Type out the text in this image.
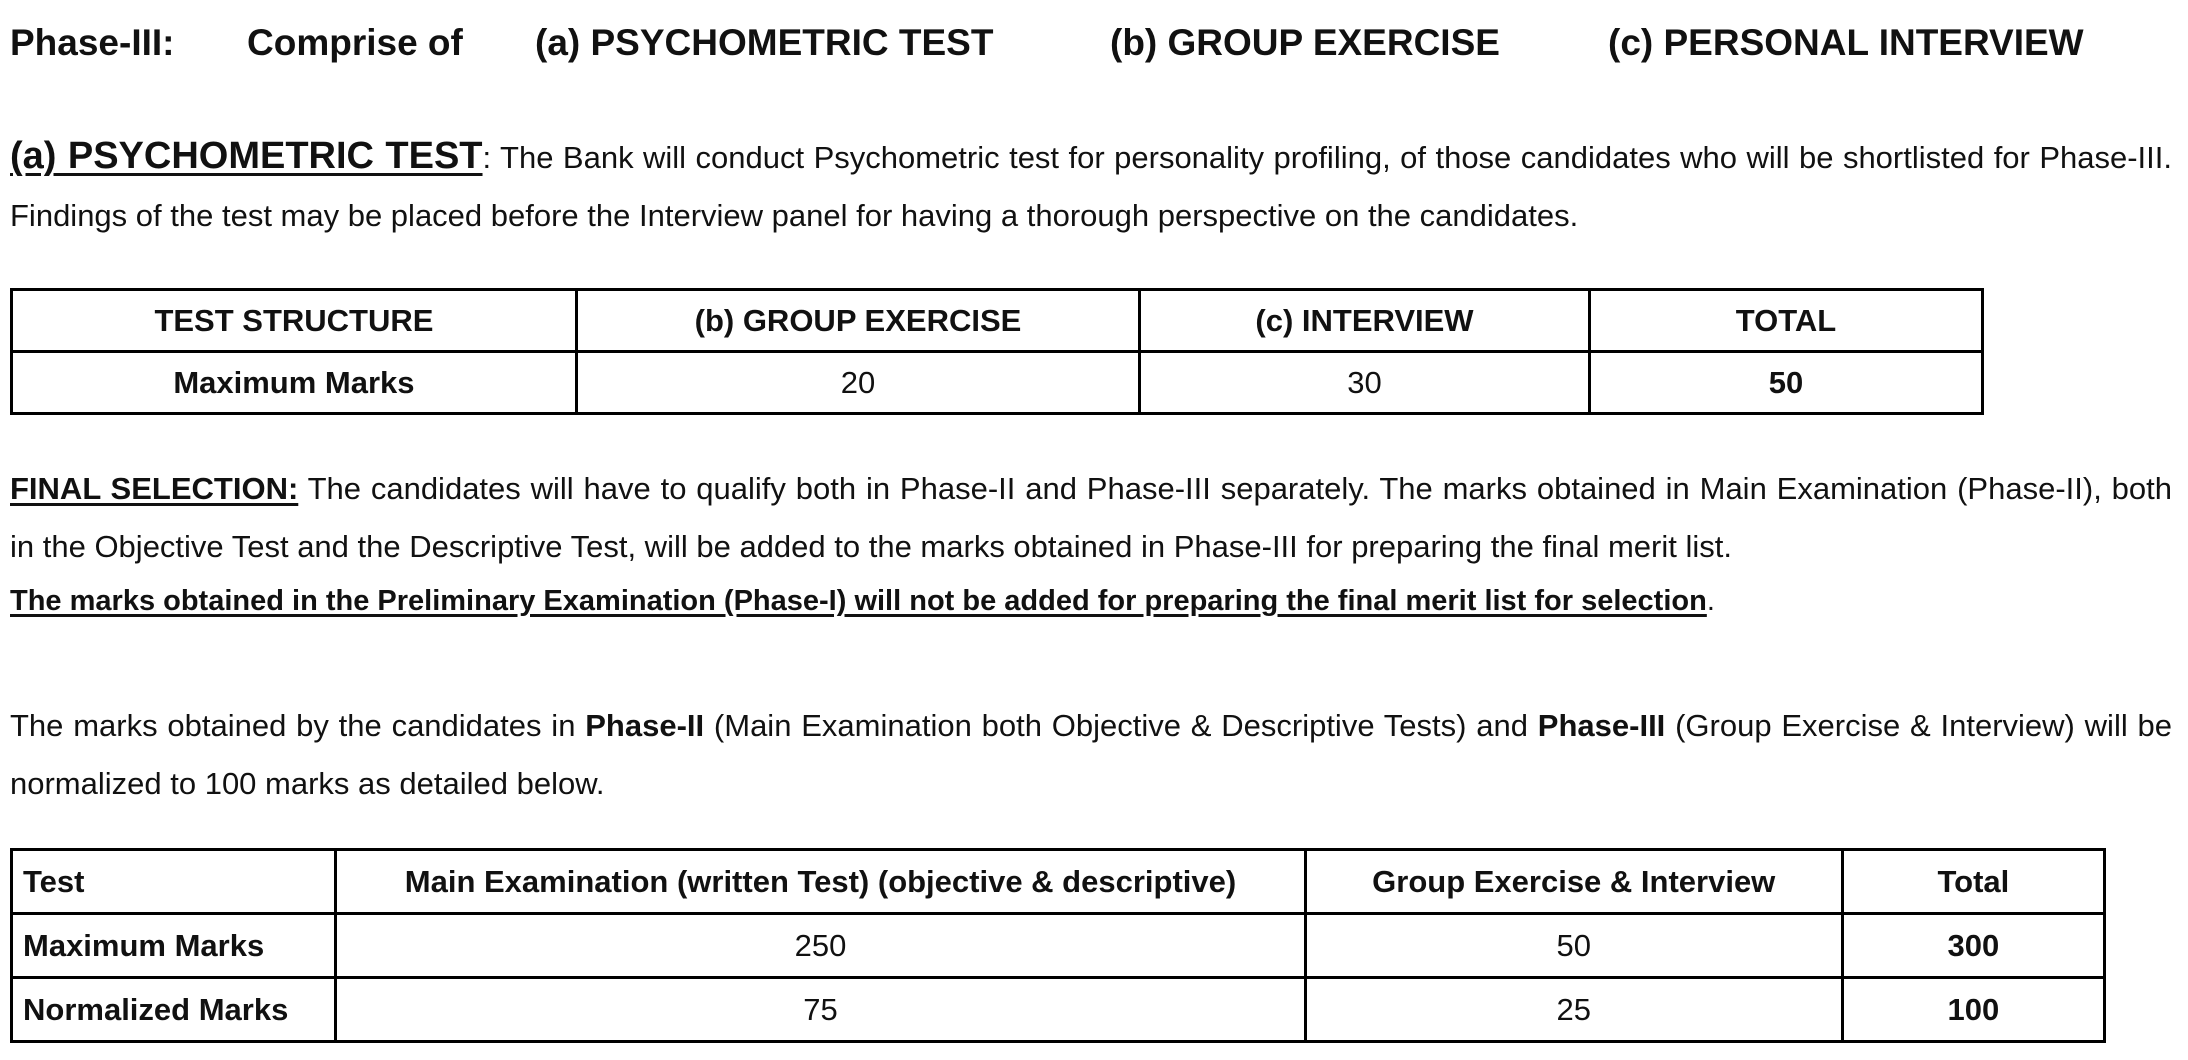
Phase-III: Comprise of (a) PSYCHOMETRIC TEST	(b) GROUP EXERCISE	(c) PERSONAL INTERVIEW
(a) PSYCHOMETRIC TEST: The Bank will conduct Psychometric test for personality profiling, of those candidates who will be shortlisted for Phase-III. Findings of the test may be placed before the Interview panel for having a thorough perspective on the candidates.
TEST STRUCTURE	(b) GROUP EXERCISE	(c) INTERVIEW	TOTAL
Maximum Marks	20	30	50
FINAL SELECTION: The candidates will have to qualify both in Phase-II and Phase-III separately. The marks obtained in Main Examination (Phase-II), both in the Objective Test and the Descriptive Test, will be added to the marks obtained in Phase-III for preparing the final merit list.
The marks obtained in the Preliminary Examination (Phase-I) will not be added for preparing the final merit list for selection.
The marks obtained by the candidates in Phase-II (Main Examination both Objective & Descriptive Tests) and Phase-III (Group Exercise & Interview) will be normalized to 100 marks as detailed below.
Test	Main Examination (written Test) (objective & descriptive)	Group Exercise & Interview	Total
Maximum Marks	250	50	300
Normalized Marks	75	25	100
